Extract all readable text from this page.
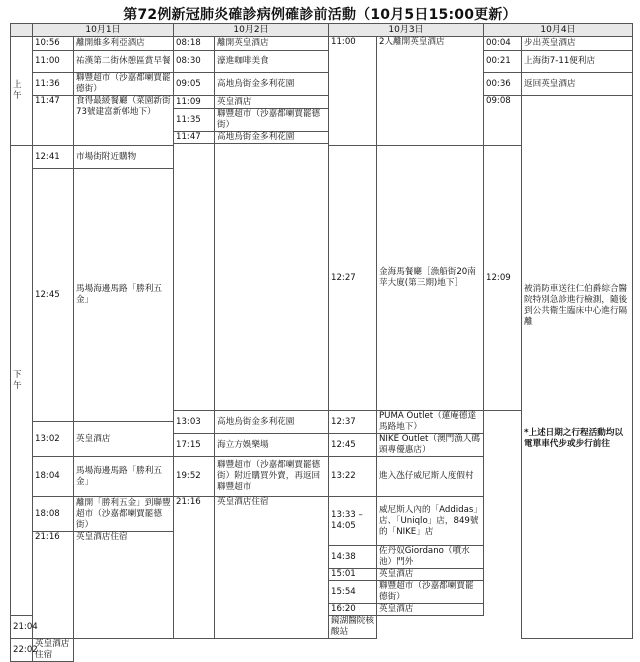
第72例新冠肺炎確診病例確診前活動（10月5日15:00更新）
	10月1日		10月2日		10月3日		10月4日		
上午	10:56	離開維多利亞酒店	08:18	離開英皇酒店	11:00	2人離開英皇酒店	00:04	步出英皇酒店	
	11:00	祐漢第二街休憩區賞早餐	08:30	濠進咖啡美食			00:21	上海街7-11便利店	
	11:36	聯豐超市（沙嘉都喇賈罷德街）	09:05	高地烏街金多利花園			00:36	返回英皇酒店	
	11:47	食得最緩餐廳（菜園新街73號建富新邨地下）	11:09	英皇酒店			09:08	被消防車送往仁伯爵綜合醫院特別急診進行檢測，隨後到公共衛生臨床中心進行隔離
*上述日期之行程活動均以電單車代步或步行前往	

			11:35	聯豐超市（沙嘉都喇賈罷德街）					
			11:47	高地烏街金多利花園					

下午	12:41	市場街附近購物			12:27	金海馬餐廳［漁船街20南苹大廈(第三期)地下］	12:09		
	12:45	馬場海邊馬路「勝利五金」							
			13:03	高地烏街金多利花園	12:37	PUMA Outlet（蓮庵德達馬路地下）			
	13:02	英皇酒店							
			17:15	海立方娛樂場	12:45	NIKE Outlet（澳門漁人碼頭專優惠店）			
	18:04	馬場海邊馬路「勝利五金」	19:52	聯豐超市（沙嘉都喇賈罷德街）附近購買外賣，再返回聯豐超市	13:22	進入氹仔威尼斯人度假村			
	18:08	離開「勝利五金」到聯豐超市（沙嘉都喇賈罷德街）	21:16	英皇酒店住宿	13:33 – 14:05	威尼斯人內的「Addidas」店、「Uniqlo」店，849號的「NIKE」店			
	21:16	英皇酒店住宿							
					14:38	佐丹奴Giordano（噴水池）門外			
					15:01	英皇酒店			
					15:54	聯豐超市（沙嘉都喇賈罷德街）			
					16:20	英皇酒店			
21:04					鏡湖醫院核酸站				
22:02	英皇酒店住宿								
